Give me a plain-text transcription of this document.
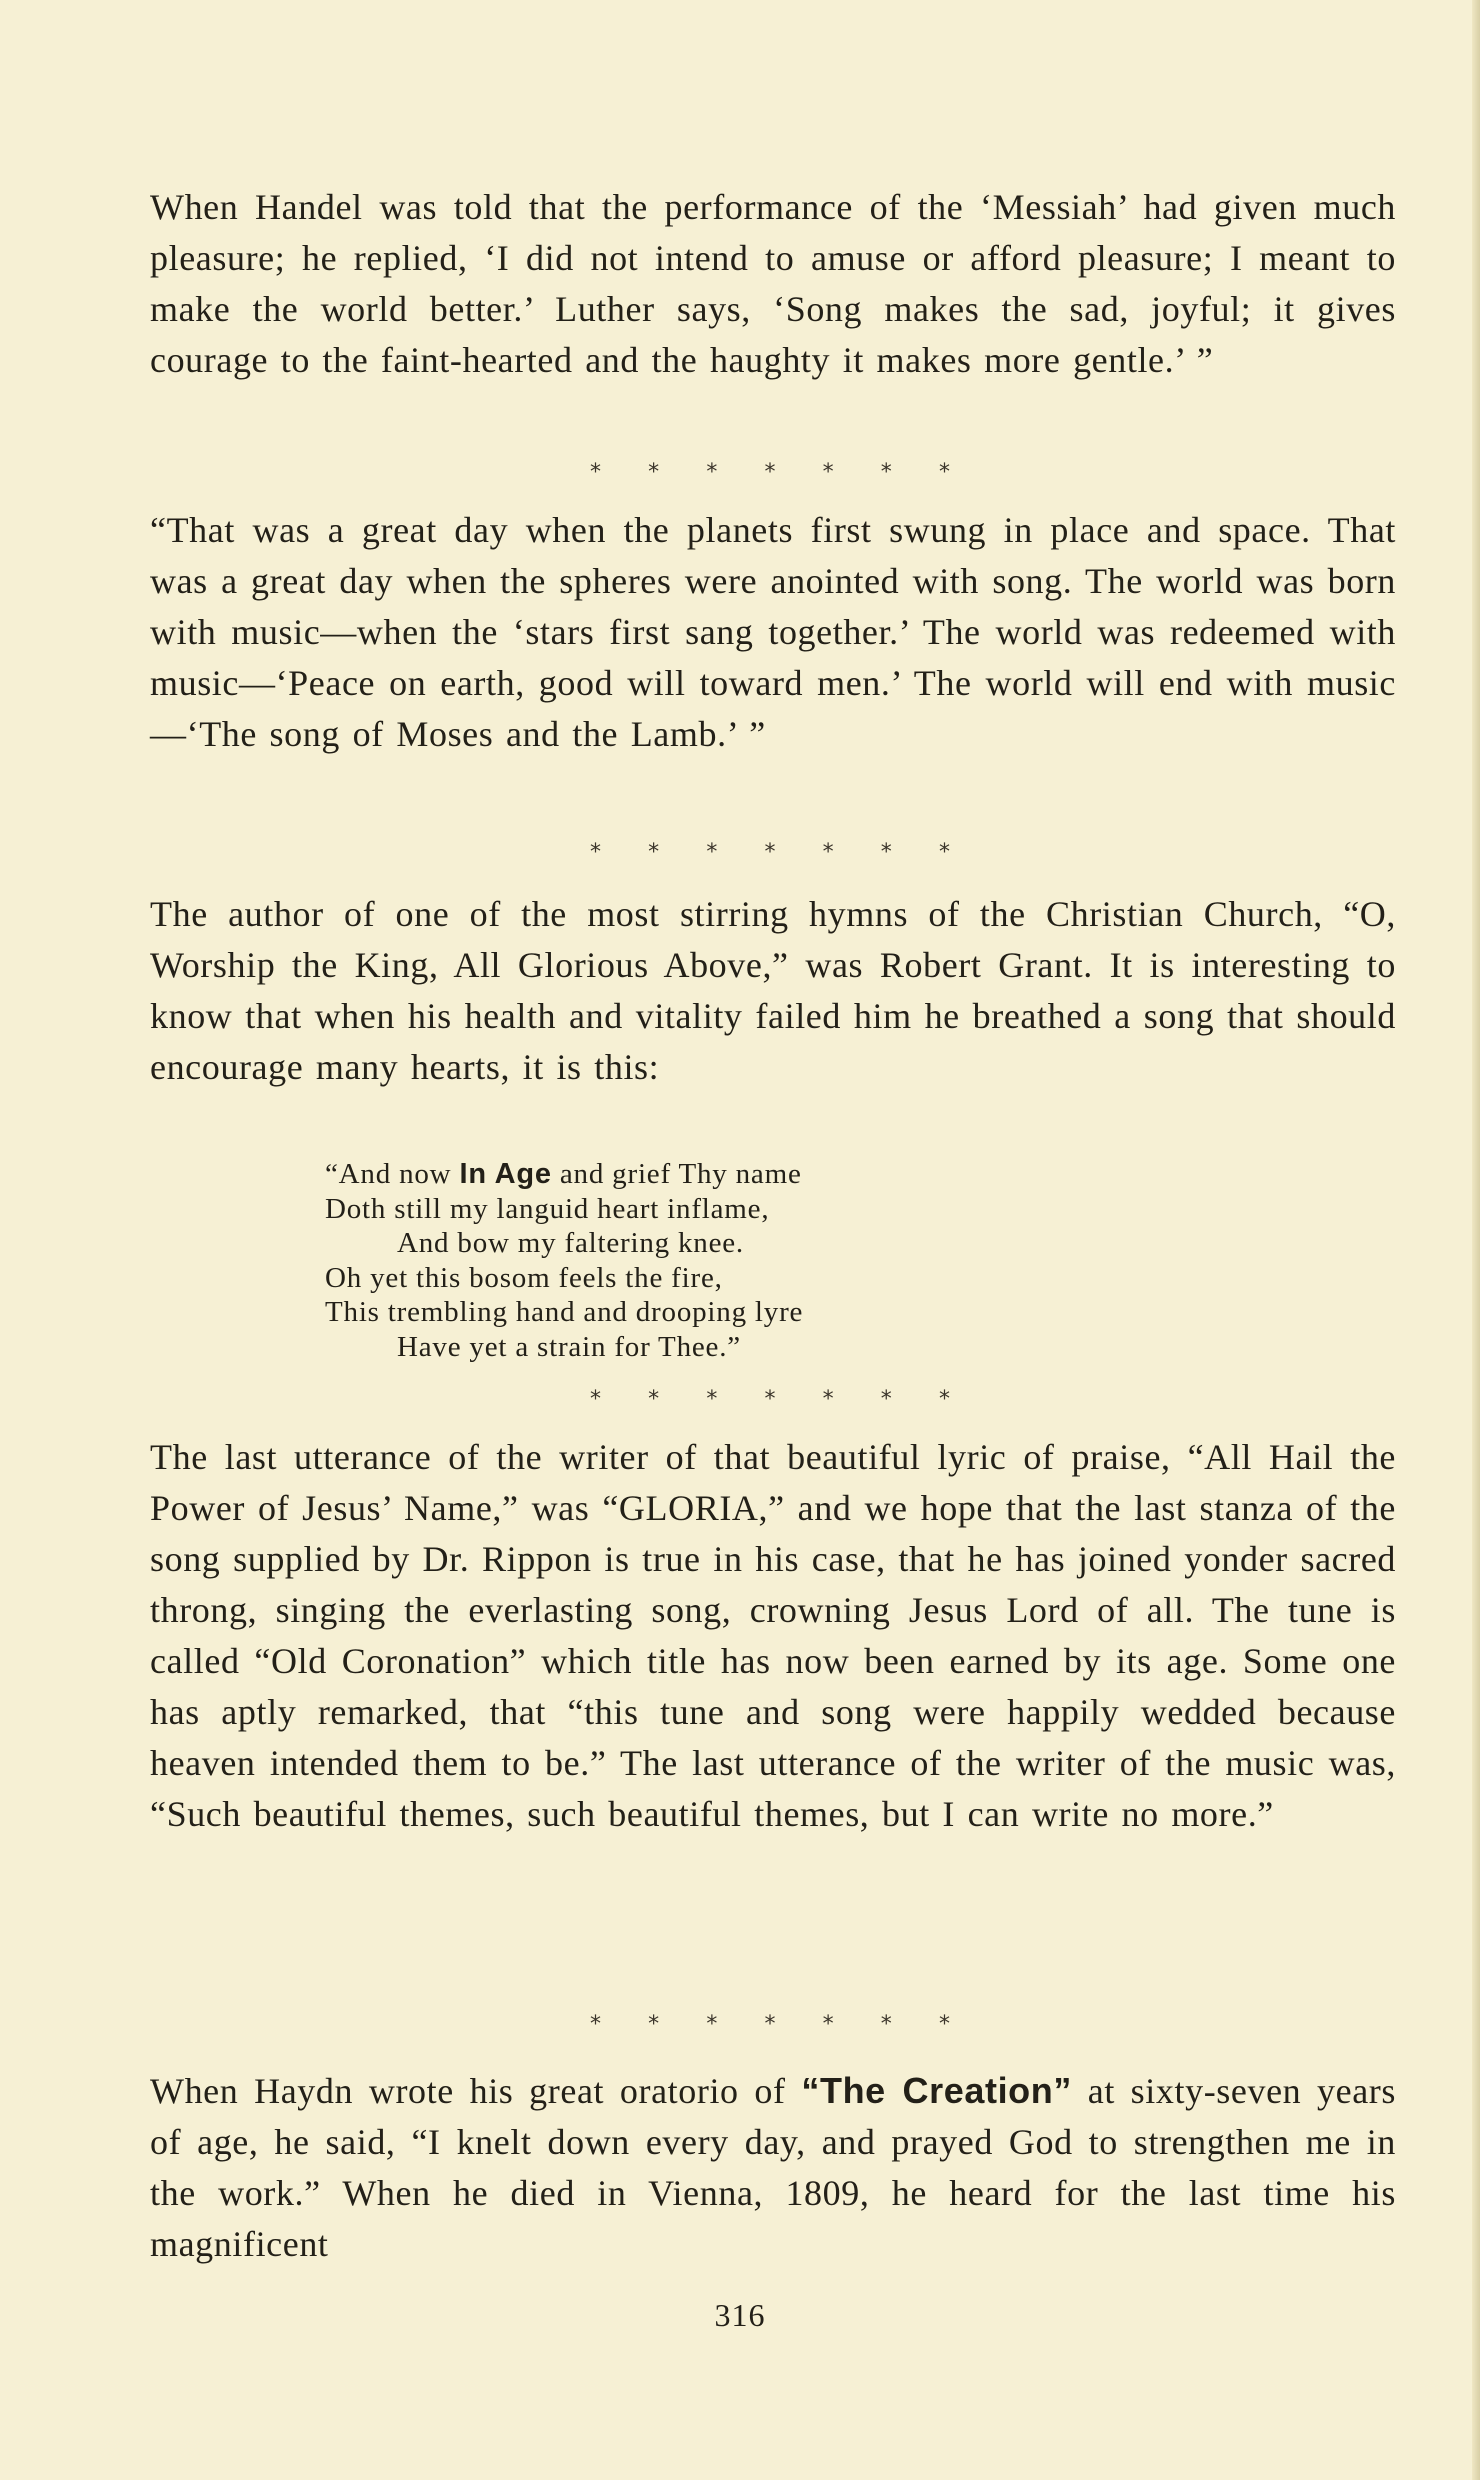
When Handel was told that the performance of the ‘Messiah’ had given much pleasure; he replied, ‘I did not intend to amuse or afford pleasure; I meant to make the world better.’ Luther says, ‘Song makes the sad, joyful; it gives courage to the faint-hearted and the haughty it makes more gentle.’ ”

* * * * * * *

“That was a great day when the planets first swung in place and space. That was a great day when the spheres were anointed with song. The world was born with music—when the ‘stars first sang together.’ The world was redeemed with music—‘Peace on earth, good will toward men.’ The world will end with music—‘The song of Moses and the Lamb.’ ”

* * * * * * *

The author of one of the most stirring hymns of the Christian Church, “O, Worship the King, All Glorious Above,” was Robert Grant. It is interesting to know that when his health and vitality failed him he breathed a song that should encourage many hearts, it is this:

“And now In Age and grief Thy name
Doth still my languid heart inflame,
And bow my faltering knee.
Oh yet this bosom feels the fire,
This trembling hand and drooping lyre
Have yet a strain for Thee.”
* * * * * * *

The last utterance of the writer of that beautiful lyric of praise, “All Hail the Power of Jesus’ Name,” was “GLORIA,” and we hope that the last stanza of the song supplied by Dr. Rippon is true in his case, that he has joined yonder sacred throng, singing the everlasting song, crowning Jesus Lord of all. The tune is called “Old Coronation” which title has now been earned by its age. Some one has aptly remarked, that “this tune and song were happily wedded because heaven intended them to be.” The last utterance of the writer of the music was, “Such beautiful themes, such beautiful themes, but I can write no more.”

* * * * * * *

When Haydn wrote his great oratorio of “The Creation” at sixty-seven years of age, he said, “I knelt down every day, and prayed God to strengthen me in the work.” When he died in Vienna, 1809, he heard for the last time his magnificent

316
